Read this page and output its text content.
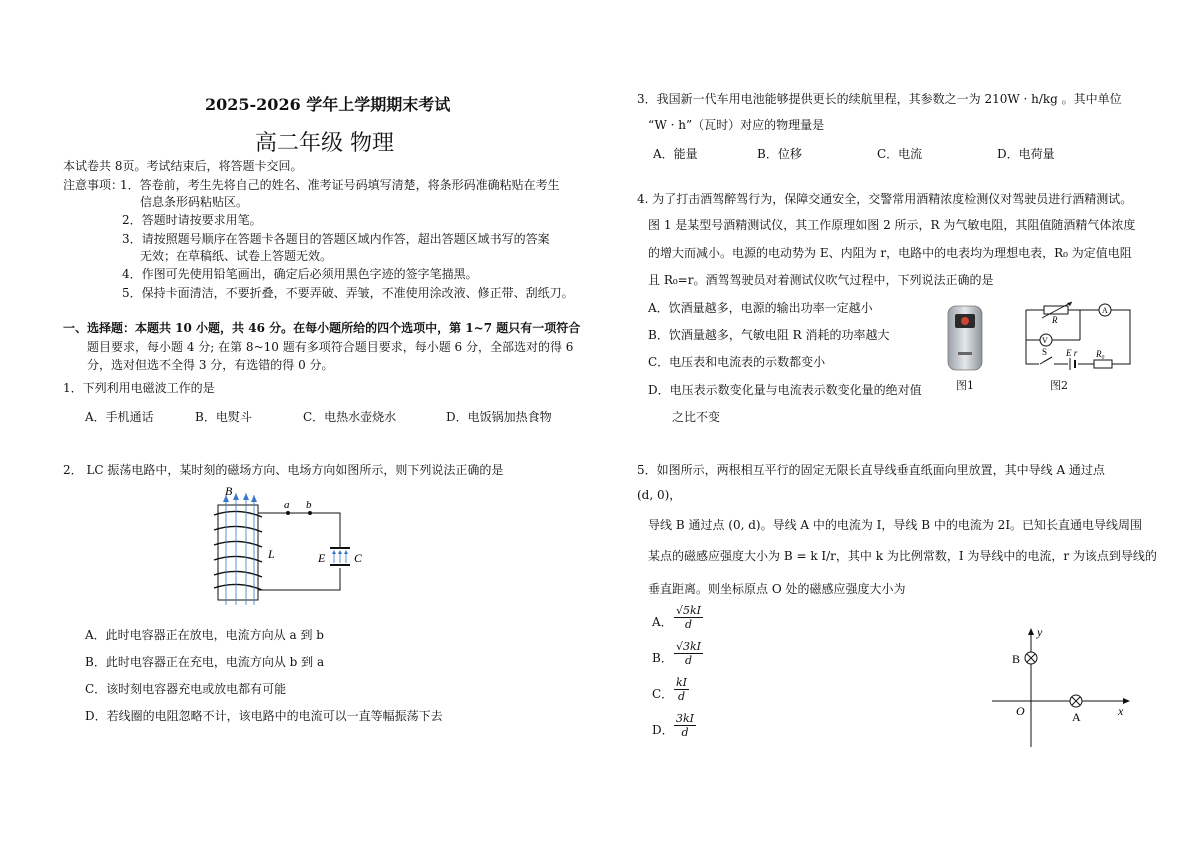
2025-2026 学年上学期期末考试
高二年级 物理
本试卷共 8页。考试结束后，将答题卡交回。
注意事项：
1．答卷前，考生先将自己的姓名、准考证号码填写清楚，将条形码准确粘贴在考生
信息条形码粘贴区。
2．答题时请按要求用笔。
3．请按照题号顺序在答题卡各题目的答题区域内作答，超出答题区域书写的答案
无效；在草稿纸、试卷上答题无效。
4．作图可先使用铅笔画出，确定后必须用黑色字迹的签字笔描黑。
5．保持卡面清洁，不要折叠，不要弄破、弄皱，不准使用涂改液、修正带、刮纸刀。
一、选择题：本题共 10 小题，共 46 分。在每小题所给的四个选项中，第 1~7 题只有一项符合
题目要求，每小题 4 分; 在第 8~10 题有多项符合题目要求，每小题 6 分，全部选对的得 6
分，选对但选不全得 3 分，有选错的得 0 分。
1．下列利用电磁波工作的是
A．手机通话	B．电熨斗	C．电热水壶烧水	D．电饭锅加热食物
2． LC 振荡电路中，某时刻的磁场方向、电场方向如图所示，则下列说法正确的是
B
a b
L	E C
A．此时电容器正在放电，电流方向从 a 到 b
B．此时电容器正在充电，电流方向从 b 到 a
C．该时刻电容器充电或放电都有可能
D．若线圈的电阻忽略不计，该电路中的电流可以一直等幅振荡下去
3．我国新一代车用电池能够提供更长的续航里程，其参数之一为 210W · h/kg 。其中单位
“W · h”（瓦时）对应的物理量是
A．能量	B．位移	C．电流	D．电荷量
4. 为了打击酒驾醉驾行为，保障交通安全，交警常用酒精浓度检测仪对驾驶员进行酒精测试。
图 1 是某型号酒精测试仪，其工作原理如图 2 所示，R 为气敏电阻，其阻值随酒精气体浓度
的增大而减小。电源的电动势为 E、内阻为 r，电路中的电表均为理想电表，R₀ 为定值电阻
且 R₀=r。酒驾驾驶员对着测试仪吹气过程中，下列说法正确的是
A．饮酒量越多，电源的输出功率一定越小
B．饮酒量越多，气敏电阻 R 消耗的功率越大
C．电压表和电流表的示数都变小
D．电压表示数变化量与电流表示数变化量的绝对值
之比不变
图1
R
A
V
S E r R₀
图2
5．如图所示，两根相互平行的固定无限长直导线垂直纸面向里放置，其中导线 A 通过点
(d, 0)，
导线 B 通过点 (0, d)。导线 A 中的电流为 I，导线 B 中的电流为 2I。已知长直通电导线周围
某点的磁感应强度大小为 B = k I/r，其中 k 为比例常数，I 为导线中的电流，r 为该点到导线的
垂直距离。则坐标原点 O 处的磁感应强度大小为
A． $\frac{√5kI}{d}$
B． $\frac{√3kI}{d}$
C． $\frac{kI}{d}$
D． $\frac{3kI}{d}$
y
x
O	A
B
